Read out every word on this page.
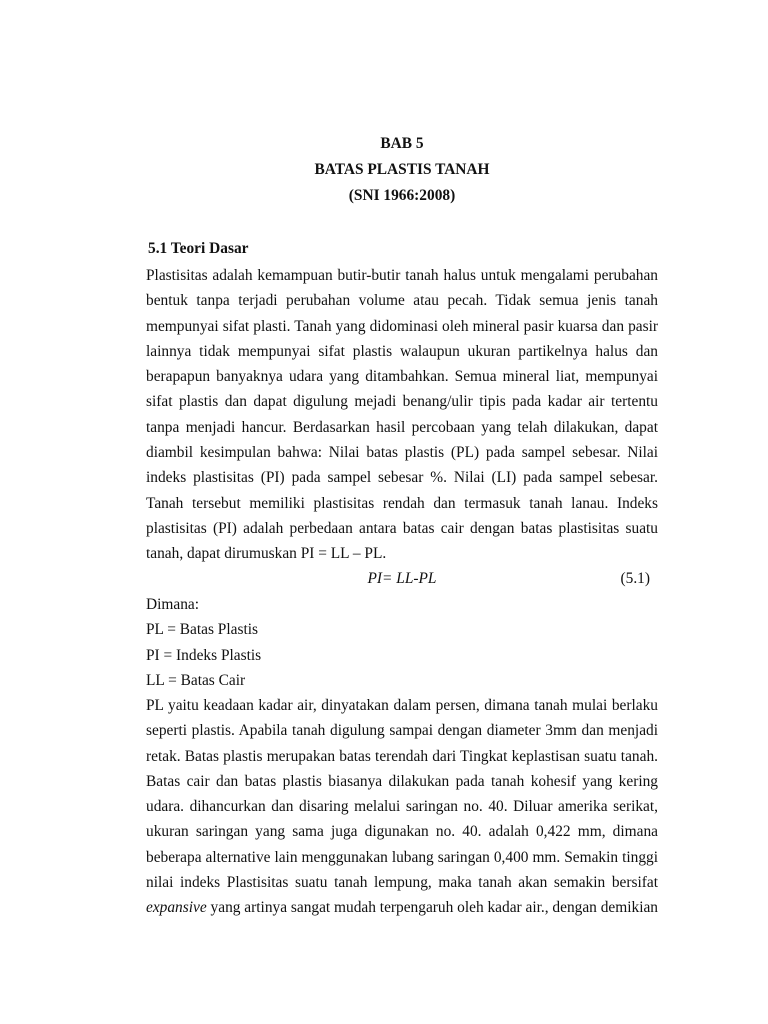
BAB 5
BATAS PLASTIS TANAH
(SNI 1966:2008)
5.1 Teori Dasar

Plastisitas adalah kemampuan butir-butir tanah halus untuk mengalami perubahan bentuk tanpa terjadi perubahan volume atau pecah. Tidak semua jenis tanah mempunyai sifat plasti. Tanah yang didominasi oleh mineral pasir kuarsa dan pasir lainnya tidak mempunyai sifat plastis walaupun ukuran partikelnya halus dan berapapun banyaknya udara yang ditambahkan. Semua mineral liat, mempunyai sifat plastis dan dapat digulung mejadi benang/ulir tipis pada kadar air tertentu tanpa menjadi hancur. Berdasarkan hasil percobaan yang telah dilakukan, dapat diambil kesimpulan bahwa: Nilai batas plastis (PL) pada sampel sebesar. Nilai indeks plastisitas (PI) pada sampel sebesar %. Nilai (LI) pada sampel sebesar. Tanah tersebut memiliki plastisitas rendah dan termasuk tanah lanau. Indeks plastisitas (PI) adalah perbedaan antara batas cair dengan batas plastisitas suatu tanah, dapat dirumuskan PI = LL – PL.

PI= LL-PL	(5.1)

Dimana:

PL = Batas Plastis

PI = Indeks Plastis

LL = Batas Cair

PL yaitu keadaan kadar air, dinyatakan dalam persen, dimana tanah mulai berlaku seperti plastis. Apabila tanah digulung sampai dengan diameter 3mm dan menjadi retak. Batas plastis merupakan batas terendah dari Tingkat keplastisan suatu tanah. Batas cair dan batas plastis biasanya dilakukan pada tanah kohesif yang kering udara. dihancurkan dan disaring melalui saringan no. 40. Diluar amerika serikat, ukuran saringan yang sama juga digunakan no. 40. adalah 0,422 mm, dimana beberapa alternative lain menggunakan lubang saringan 0,400 mm. Semakin tinggi nilai indeks Plastisitas suatu tanah lempung, maka tanah akan semakin bersifat expansive yang artinya sangat mudah terpengaruh oleh kadar air., dengan demikian
